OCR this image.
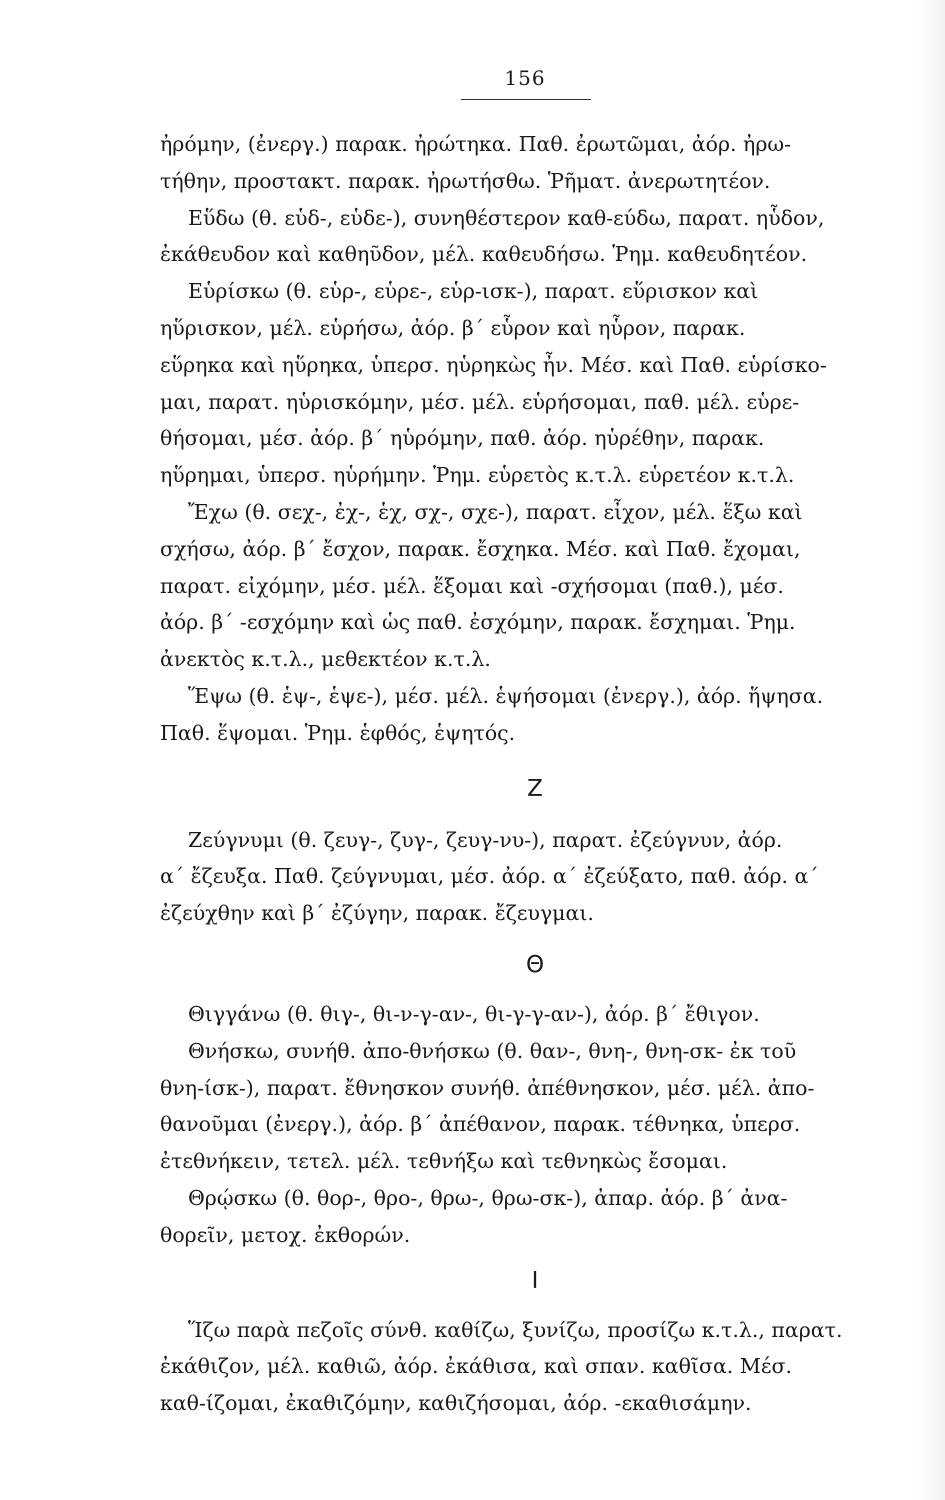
156
ἠρόμην, (ἐνεργ.) παρακ. ἠρώτηκα. Παθ. ἐρωτῶμαι, ἀόρ. ἠρω-
τήθην, προστακτ. παρακ. ἠρωτήσθω. Ῥῆματ. ἀνερωτητέον.
Εὕδω (θ. εὑδ-, εὑδε-), συνηθέστερον καθ-εύδω, παρατ. ηὗδον,
ἐκάθευδον καὶ καθηῦδον, μέλ. καθευδήσω. Ῥημ. καθευδητέον.
Εὑρίσκω (θ. εὑρ-, εὑρε-, εὑρ-ισκ-), παρατ. εὕρισκον καὶ
ηὕρισκον, μέλ. εὑρήσω, ἀόρ. β΄ εὗρον καὶ ηὗρον, παρακ.
εὕρηκα καὶ ηὕρηκα, ὑπερσ. ηὑρηκὼς ἦν. Μέσ. καὶ Παθ. εὑρίσκο-
μαι, παρατ. ηὑρισκόμην, μέσ. μέλ. εὑρήσομαι, παθ. μέλ. εὑρε-
θήσομαι, μέσ. ἀόρ. β΄ ηὑρόμην, παθ. ἀόρ. ηὑρέθην, παρακ.
ηὕρημαι, ὑπερσ. ηὑρήμην. Ῥημ. εὑρετὸς κ.τ.λ. εὑρετέον κ.τ.λ.
Ἔχω (θ. σεχ-, ἐχ-, ἑχ, σχ-, σχε-), παρατ. εἶχον, μέλ. ἕξω καὶ
σχήσω, ἀόρ. β΄ ἔσχον, παρακ. ἔσχηκα. Μέσ. καὶ Παθ. ἔχομαι,
παρατ. εἰχόμην, μέσ. μέλ. ἕξομαι καὶ -σχήσομαι (παθ.), μέσ.
ἀόρ. β΄ -εσχόμην καὶ ὡς παθ. ἐσχόμην, παρακ. ἔσχημαι. Ῥημ.
ἀνεκτὸς κ.τ.λ., μεθεκτέον κ.τ.λ.
Ἕψω (θ. ἑψ-, ἑψε-), μέσ. μέλ. ἑψήσομαι (ἐνεργ.), ἀόρ. ἥψησα.
Παθ. ἕψομαι. Ῥημ. ἑφθός, ἑψητός.
Ζ
Ζεύγνυμι (θ. ζευγ-, ζυγ-, ζευγ-νυ-), παρατ. ἐζεύγνυν, ἀόρ.
α΄ ἔζευξα. Παθ. ζεύγνυμαι, μέσ. ἀόρ. α΄ ἐζεύξατο, παθ. ἀόρ. α΄
ἐζεύχθην καὶ β΄ ἐζύγην, παρακ. ἔζευγμαι.
Θ
Θιγγάνω (θ. θιγ-, θι-ν-γ-αν-, θι-γ-γ-αν-), ἀόρ. β΄ ἔθιγον.
Θνήσκω, συνήθ. ἀπο-θνήσκω (θ. θαν-, θνη-, θνη-σκ- ἐκ τοῦ
θνη-ίσκ-), παρατ. ἔθνησκον συνήθ. ἀπέθνησκον, μέσ. μέλ. ἀπο-
θανοῦμαι (ἐνεργ.), ἀόρ. β΄ ἀπέθανον, παρακ. τέθνηκα, ὑπερσ.
ἐτεθνήκειν, τετελ. μέλ. τεθνήξω καὶ τεθνηκὼς ἔσομαι.
Θρῴσκω (θ. θορ-, θρο-, θρω-, θρω-σκ-), ἀπαρ. ἀόρ. β΄ ἀνα-
θορεῖν, μετοχ. ἐκθορών.
Ι
Ἵζω παρὰ πεζοῖς σύνθ. καθίζω, ξυνίζω, προσίζω κ.τ.λ., παρατ.
ἐκάθιζον, μέλ. καθιῶ, ἀόρ. ἐκάθισα, καὶ σπαν. καθῖσα. Μέσ.
καθ-ίζομαι, ἐκαθιζόμην, καθιζήσομαι, ἀόρ. -εκαθισάμην.
